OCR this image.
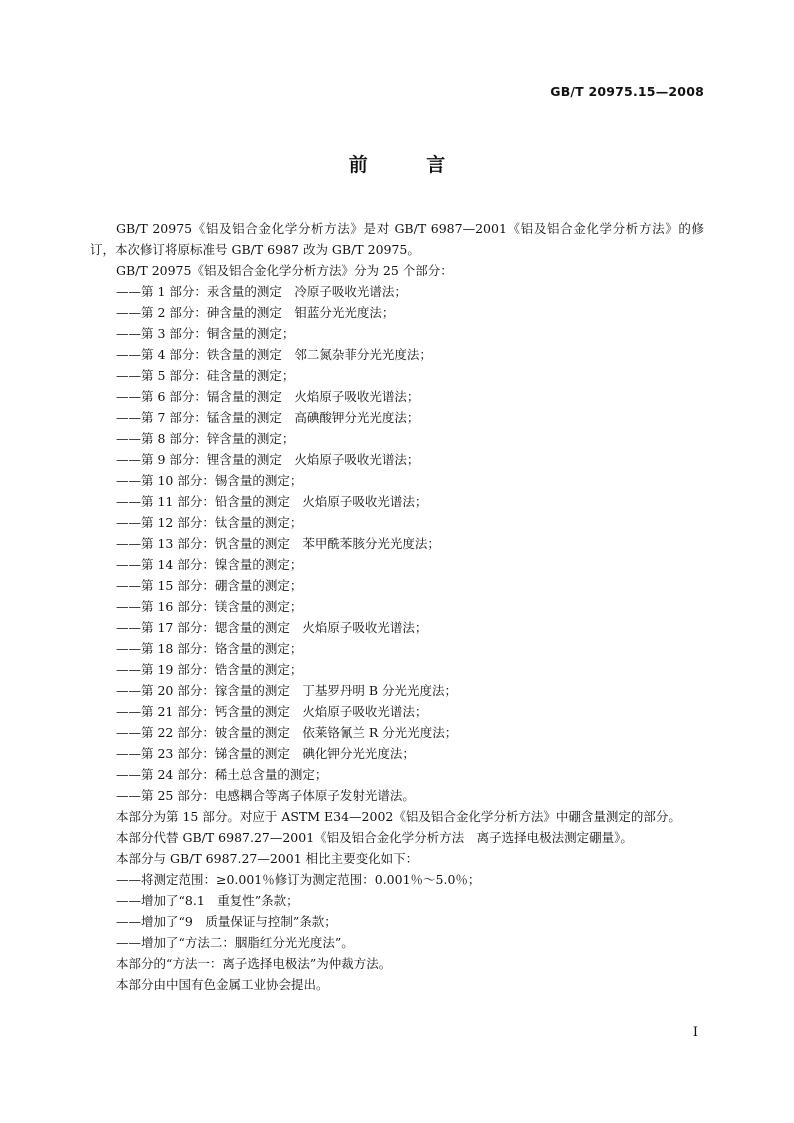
GB/T 20975.15—2008
前 言

GB/T 20975《铝及铝合金化学分析方法》是对 GB/T 6987—2001《铝及铝合金化学分析方法》的修订，本次修订将原标准号 GB/T 6987 改为 GB/T 20975。

GB/T 20975《铝及铝合金化学分析方法》分为 25 个部分：

——第 1 部分：汞含量的测定　冷原子吸收光谱法；

——第 2 部分：砷含量的测定　钼蓝分光光度法；

——第 3 部分：铜含量的测定；

——第 4 部分：铁含量的测定　邻二氮杂菲分光光度法；

——第 5 部分：硅含量的测定；

——第 6 部分：镉含量的测定　火焰原子吸收光谱法；

——第 7 部分：锰含量的测定　高碘酸钾分光光度法；

——第 8 部分：锌含量的测定；

——第 9 部分：锂含量的测定　火焰原子吸收光谱法；

——第 10 部分：锡含量的测定；

——第 11 部分：铅含量的测定　火焰原子吸收光谱法；

——第 12 部分：钛含量的测定；

——第 13 部分：钒含量的测定　苯甲酰苯胲分光光度法；

——第 14 部分：镍含量的测定；

——第 15 部分：硼含量的测定；

——第 16 部分：镁含量的测定；

——第 17 部分：锶含量的测定　火焰原子吸收光谱法；

——第 18 部分：铬含量的测定；

——第 19 部分：锆含量的测定；

——第 20 部分：镓含量的测定　丁基罗丹明 B 分光光度法；

——第 21 部分：钙含量的测定　火焰原子吸收光谱法；

——第 22 部分：铍含量的测定　依莱铬氰兰 R 分光光度法；

——第 23 部分：锑含量的测定　碘化钾分光光度法；

——第 24 部分：稀土总含量的测定；

——第 25 部分：电感耦合等离子体原子发射光谱法。

本部分为第 15 部分。对应于 ASTM E34—2002《铝及铝合金化学分析方法》中硼含量测定的部分。

本部分代替 GB/T 6987.27—2001《铝及铝合金化学分析方法　离子选择电极法测定硼量》。

本部分与 GB/T 6987.27—2001 相比主要变化如下：

——将测定范围：≥0.001％修订为测定范围：0.001％～5.0％；

——增加了“8.1　重复性”条款；

——增加了“9　质量保证与控制”条款；

——增加了“方法二：胭脂红分光光度法”。

本部分的“方法一：离子选择电极法”为仲裁方法。

本部分由中国有色金属工业协会提出。

I
